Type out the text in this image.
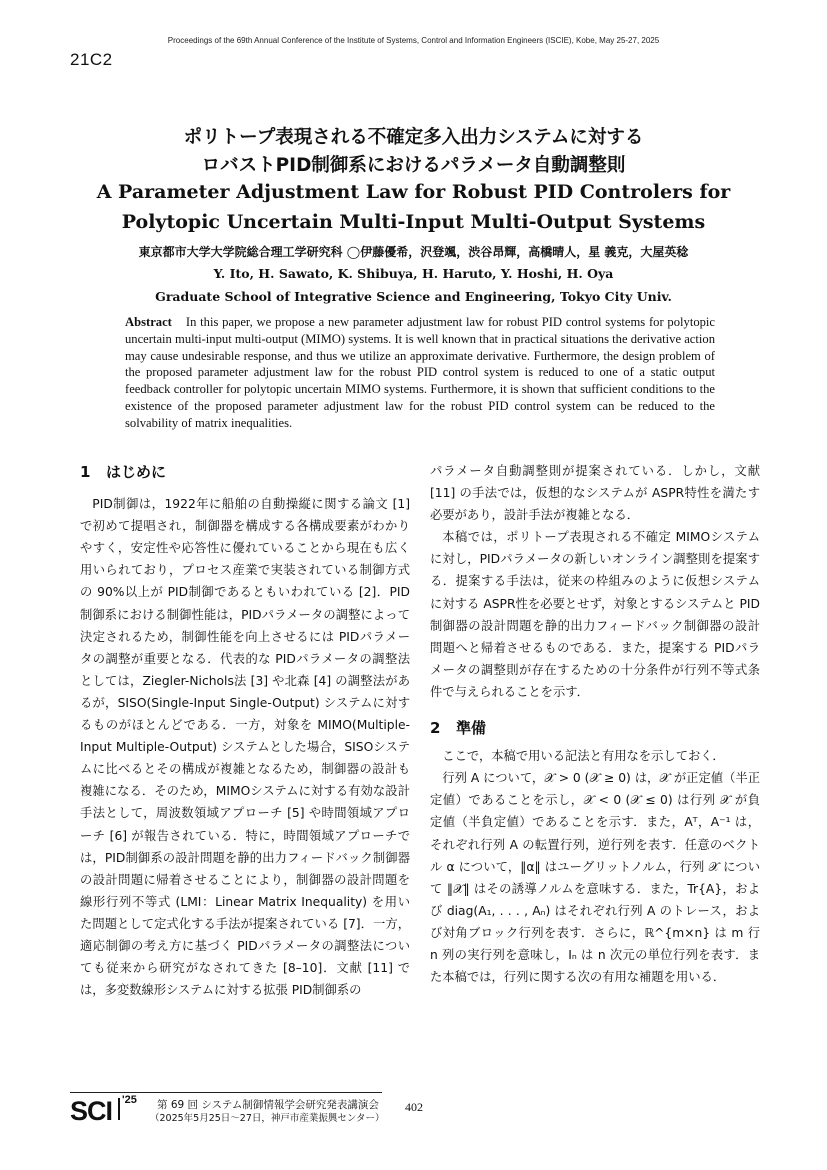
Proceedings of the 69th Annual Conference of the Institute of Systems, Control and Information Engineers (ISCIE), Kobe, May 25-27, 2025
21C2
ポリトープ表現される不確定多入出力システムに対する
ロバストPID制御系におけるパラメータ自動調整則
A Parameter Adjustment Law for Robust PID Controlers for
Polytopic Uncertain Multi-Input Multi-Output Systems
東京都市大学大学院総合理工学研究科 ◯伊藤優希，沢登颯，渋谷昂輝，高橋晴人，星 義克，大屋英稔
Y. Ito, H. Sawato, K. Shibuya, H. Haruto, Y. Hoshi, H. Oya
Graduate School of Integrative Science and Engineering, Tokyo City Univ.
Abstract In this paper, we propose a new parameter adjustment law for robust PID control systems for polytopic uncertain multi-input multi-output (MIMO) systems. It is well known that in practical situations the derivative action may cause undesirable response, and thus we utilize an approximate derivative. Furthermore, the design problem of the proposed parameter adjustment law for the robust PID control system is reduced to one of a static output feedback controller for polytopic uncertain MIMO systems. Furthermore, it is shown that sufficient conditions to the existence of the proposed parameter adjustment law for the robust PID control system can be reduced to the solvability of matrix inequalities.
1 はじめに

PID制御は，1922年に船舶の自動操縦に関する論文 [1] で初めて提唱され，制御器を構成する各構成要素がわかりやすく，安定性や応答性に優れていることから現在も広く用いられており，プロセス産業で実装されている制御方式の 90%以上が PID制御であるともいわれている [2]．PID制御系における制御性能は，PIDパラメータの調整によって決定されるため，制御性能を向上させるには PIDパラメータの調整が重要となる．代表的な PIDパラメータの調整法としては，Ziegler-Nichols法 [3] や北森 [4] の調整法があるが，SISO(Single-Input Single-Output) システムに対するものがほとんどである．一方，対象を MIMO(Multiple-Input Multiple-Output) システムとした場合，SISOシステムに比べるとその構成が複雑となるため，制御器の設計も複雑になる．そのため，MIMOシステムに対する有効な設計手法として，周波数領域アプローチ [5] や時間領域アプローチ [6] が報告されている．特に，時間領域アプローチでは，PID制御系の設計問題を静的出力フィードバック制御器の設計問題に帰着させることにより，制御器の設計問題を線形行列不等式 (LMI：Linear Matrix Inequality) を用いた問題として定式化する手法が提案されている [7]．一方，適応制御の考え方に基づく PIDパラメータの調整法についても従来から研究がなされてきた [8–10]．文献 [11] では，多変数線形システムに対する拡張 PID制御系の

パラメータ自動調整則が提案されている．しかし，文献 [11] の手法では，仮想的なシステムが ASPR特性を満たす必要があり，設計手法が複雑となる．

本稿では，ポリトープ表現される不確定 MIMOシステムに対し，PIDパラメータの新しいオンライン調整則を提案する．提案する手法は，従来の枠組みのように仮想システムに対する ASPR性を必要とせず，対象とするシステムと PID制御器の設計問題を静的出力フィードバック制御器の設計問題へと帰着させるものである．また，提案する PIDパラメータの調整則が存在するための十分条件が行列不等式条件で与えられることを示す．

2 準備

ここで，本稿で用いる記法と有用なを示しておく．

行列 A について，𝒳 > 0 (𝒳 ≥ 0) は，𝒳 が正定値（半正定値）であることを示し，𝒳 < 0 (𝒳 ≤ 0) は行列 𝒳 が負定値（半負定値）であることを示す．また，Aᵀ，A⁻¹ は，それぞれ行列 A の転置行列，逆行列を表す．任意のベクトル α について，‖α‖ はユーグリットノルム，行列 𝒳 について ‖𝒳‖ はその誘導ノルムを意味する．また，Tr{A}，および diag(A₁, . . . , Aₙ) はそれぞれ行列 A のトレース，および対角ブロック行列を表す．さらに，ℝ^{m×n} は m 行 n 列の実行列を意味し，Iₙ は n 次元の単位行列を表す．また本稿では，行列に関する次の有用な補題を用いる．

SCI '25 第 69 回 システム制御情報学会研究発表講演会
（2025年5月25日〜27日，神戸市産業振興センター）
402
